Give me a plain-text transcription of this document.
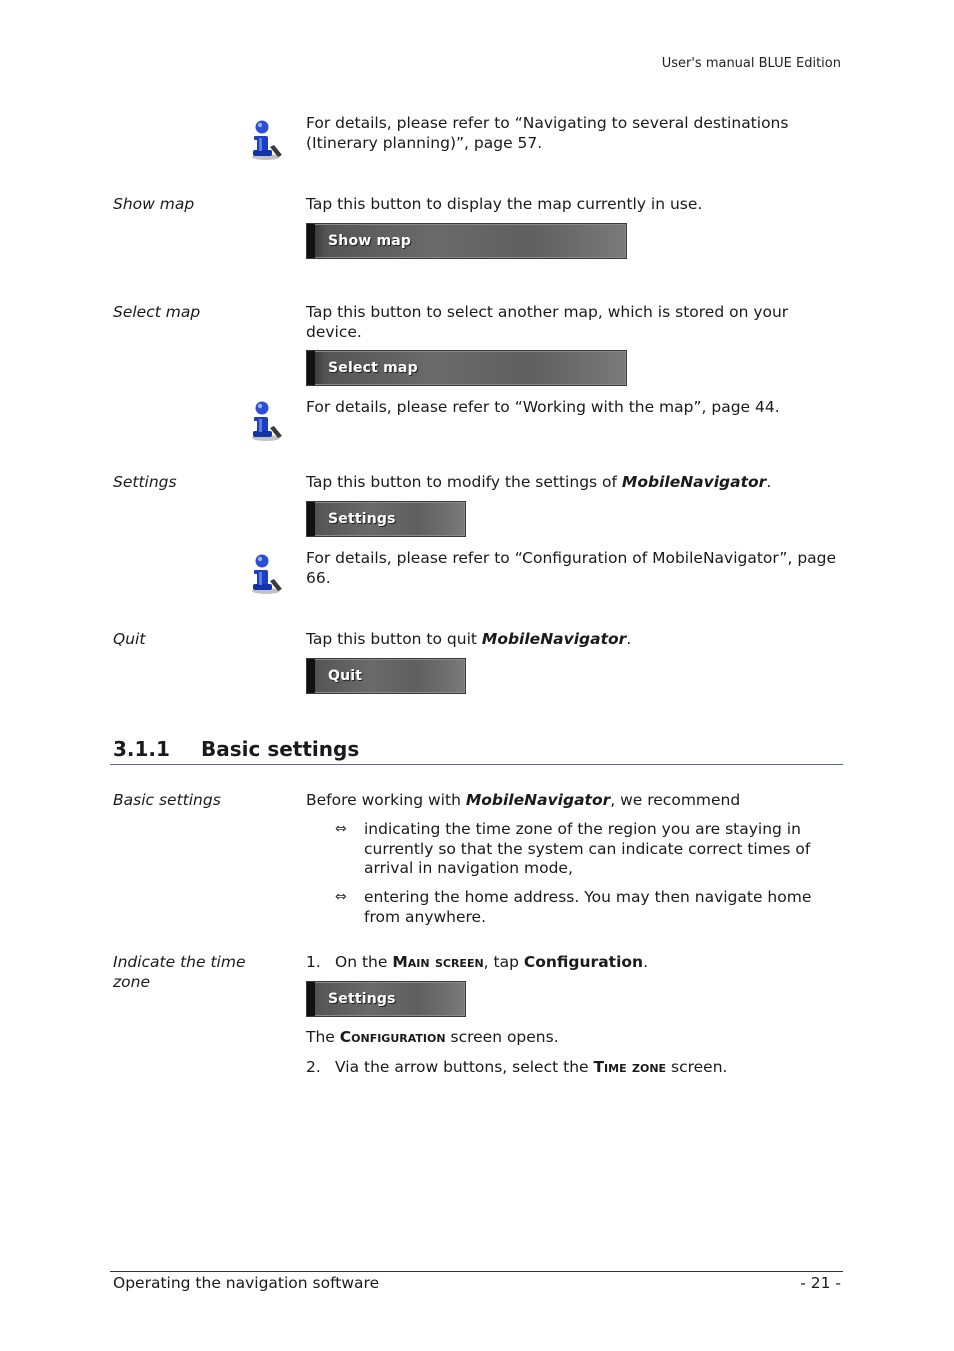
User's manual BLUE Edition
For details, please refer to “Navigating to several destinations (Itinerary planning)”, page 57.
Show map	Tap this button to display the map currently in use.
Show map
Select map	Tap this button to select another map, which is stored on your device.
Select map
For details, please refer to “Working with the map”, page 44.
Settings	Tap this button to modify the settings of MobileNavigator.
Settings
For details, please refer to “Configuration of MobileNavigator”, page 66.
Quit	Tap this button to quit MobileNavigator.
Quit
3.1.1 Basic settings
Basic settings	Before working with MobileNavigator, we recommend
⇔ indicating the time zone of the region you are staying in currently so that the system can indicate correct times of arrival in navigation mode,
⇔ entering the home address. You may then navigate home from anywhere.
Indicate the time zone
1. On the Main screen, tap Configuration.
Settings
The Configuration screen opens.
2. Via the arrow buttons, select the Time zone screen.
Operating the navigation software	- 21 -
